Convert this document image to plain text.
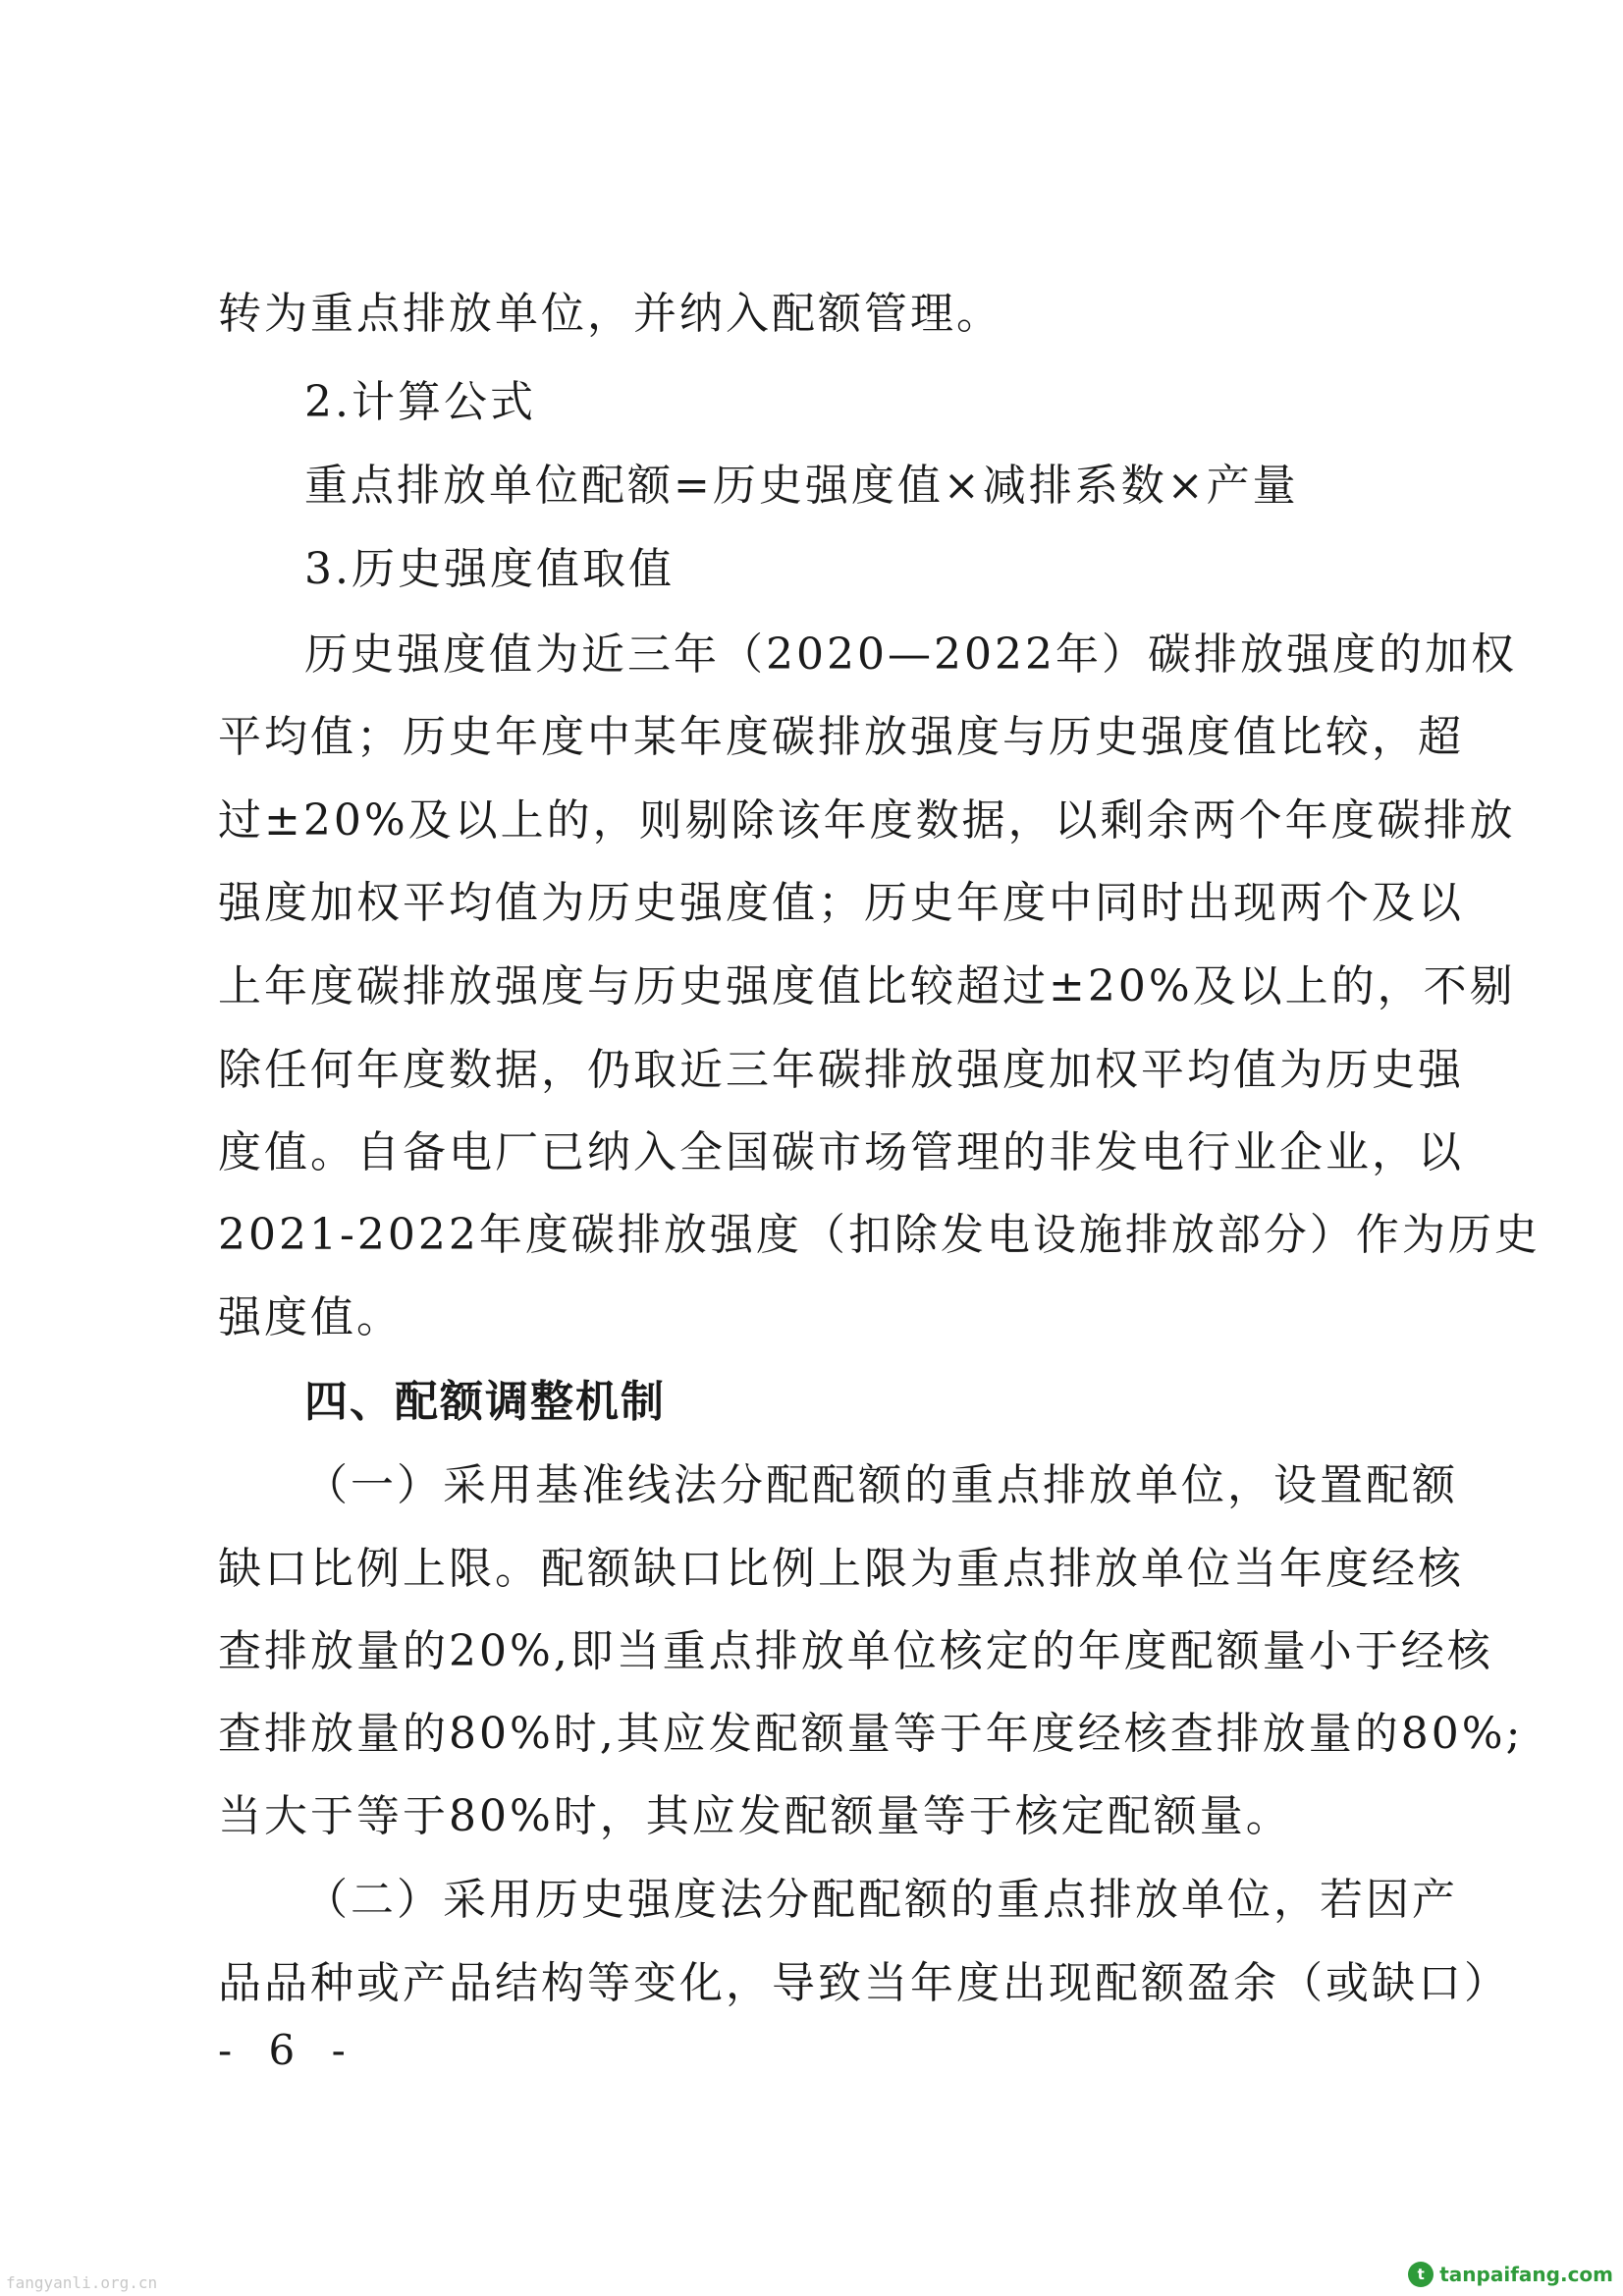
转为重点排放单位，并纳入配额管理。
2.计算公式
重点排放单位配额=历史强度值×减排系数×产量
3.历史强度值取值
历史强度值为近三年（2020—2022年）碳排放强度的加权
平均值；历史年度中某年度碳排放强度与历史强度值比较，超
过±20%及以上的，则剔除该年度数据，以剩余两个年度碳排放
强度加权平均值为历史强度值；历史年度中同时出现两个及以
上年度碳排放强度与历史强度值比较超过±20%及以上的，不剔
除任何年度数据，仍取近三年碳排放强度加权平均值为历史强
度值。自备电厂已纳入全国碳市场管理的非发电行业企业，以
2021-2022年度碳排放强度（扣除发电设施排放部分）作为历史
强度值。
四、配额调整机制
（一）采用基准线法分配配额的重点排放单位，设置配额
缺口比例上限。配额缺口比例上限为重点排放单位当年度经核
查排放量的20%,即当重点排放单位核定的年度配额量小于经核
查排放量的80%时,其应发配额量等于年度经核查排放量的80%;
当大于等于80%时，其应发配额量等于核定配额量。
（二）采用历史强度法分配配额的重点排放单位，若因产
品品种或产品结构等变化，导致当年度出现配额盈余（或缺口）
- 6 -
fangyanli.org.cn	t tanpaifang.com
